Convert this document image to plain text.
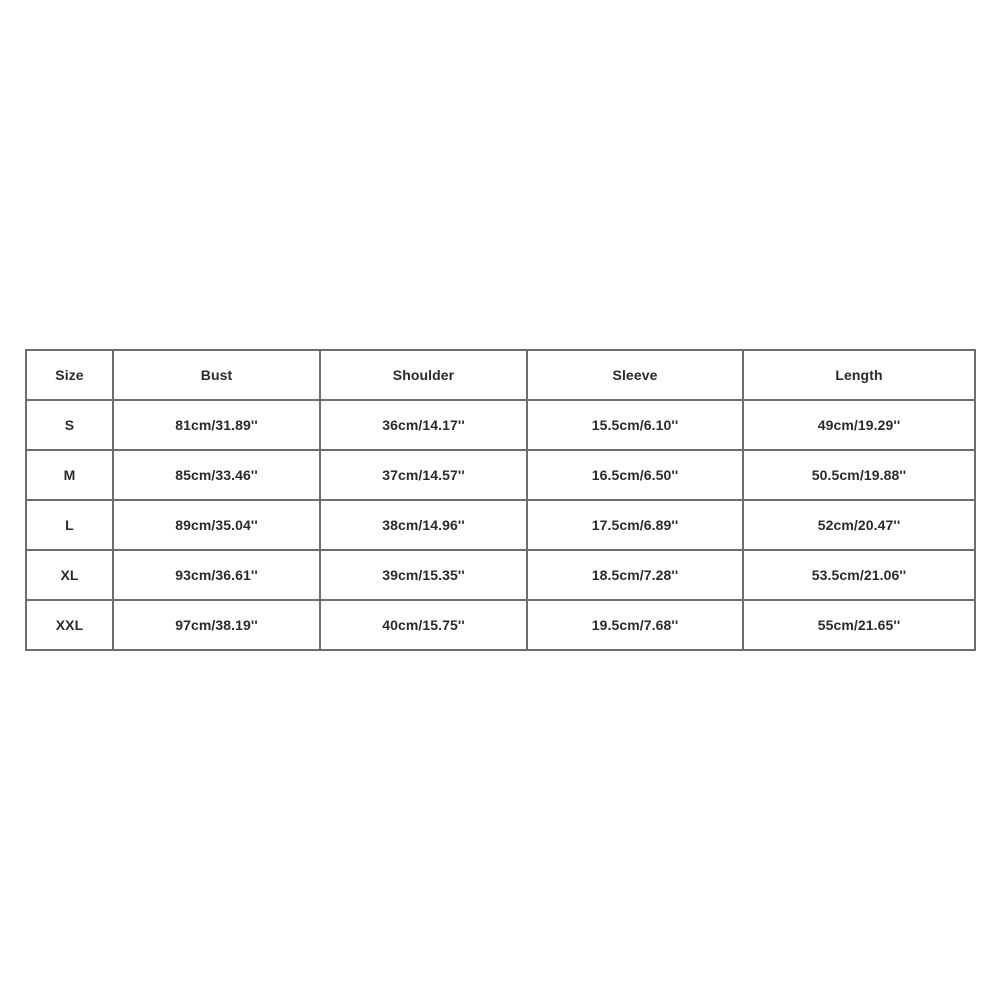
Size	Bust	Shoulder	Sleeve	Length
S	81cm/31.89''	36cm/14.17''	15.5cm/6.10''	49cm/19.29''
M	85cm/33.46''	37cm/14.57''	16.5cm/6.50''	50.5cm/19.88''
L	89cm/35.04''	38cm/14.96''	17.5cm/6.89''	52cm/20.47''
XL	93cm/36.61''	39cm/15.35''	18.5cm/7.28''	53.5cm/21.06''
XXL	97cm/38.19''	40cm/15.75''	19.5cm/7.68''	55cm/21.65''
